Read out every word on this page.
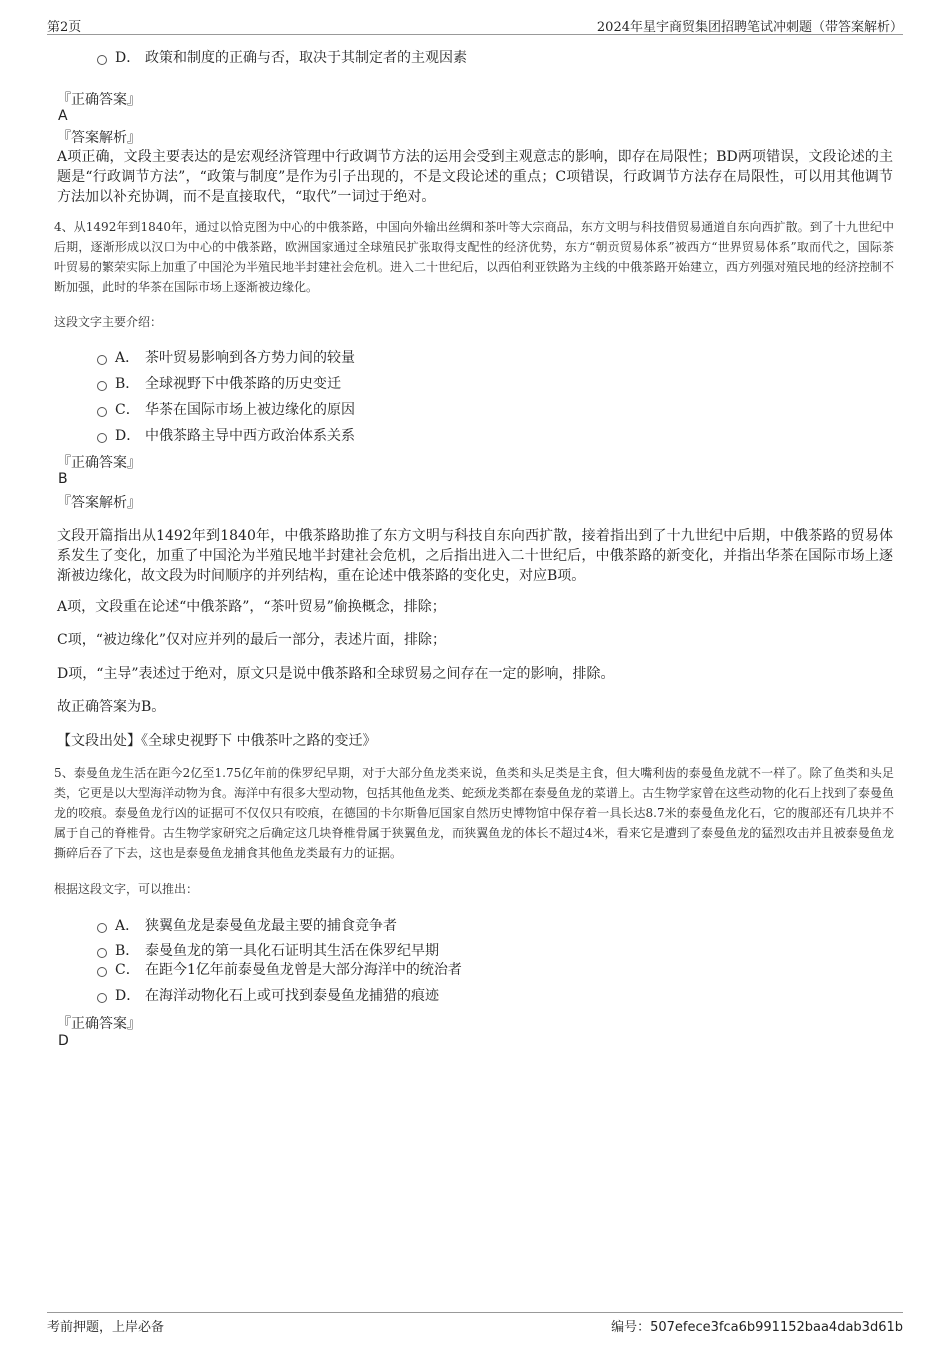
第2页	2024年星宇商贸集团招聘笔试冲刺题（带答案解析）
D． 政策和制度的正确与否，取决于其制定者的主观因素
『正确答案』
A
『答案解析』
A项正确，文段主要表达的是宏观经济管理中行政调节方法的运用会受到主观意志的影响，即存在局限性；BD两项错误，文段论述的主题是“行政调节方法”，“政策与制度”是作为引子出现的，不是文段论述的重点；C项错误，行政调节方法存在局限性，可以用其他调节方法加以补充协调，而不是直接取代，“取代”一词过于绝对。
4、从1492年到1840年，通过以恰克图为中心的中俄茶路，中国向外输出丝绸和茶叶等大宗商品，东方文明与科技借贸易通道自东向西扩散。到了十九世纪中后期，逐渐形成以汉口为中心的中俄茶路，欧洲国家通过全球殖民扩张取得支配性的经济优势，东方“朝贡贸易体系”被西方“世界贸易体系”取而代之，国际茶叶贸易的繁荣实际上加重了中国沦为半殖民地半封建社会危机。进入二十世纪后，以西伯利亚铁路为主线的中俄茶路开始建立，西方列强对殖民地的经济控制不断加强，此时的华茶在国际市场上逐渐被边缘化。
这段文字主要介绍：
A． 茶叶贸易影响到各方势力间的较量
B． 全球视野下中俄茶路的历史变迁
C． 华茶在国际市场上被边缘化的原因
D． 中俄茶路主导中西方政治体系关系
『正确答案』
B
『答案解析』
文段开篇指出从1492年到1840年，中俄茶路助推了东方文明与科技自东向西扩散，接着指出到了十九世纪中后期，中俄茶路的贸易体系发生了变化，加重了中国沦为半殖民地半封建社会危机，之后指出进入二十世纪后，中俄茶路的新变化，并指出华茶在国际市场上逐渐被边缘化，故文段为时间顺序的并列结构，重在论述中俄茶路的变化史，对应B项。
A项，文段重在论述“中俄茶路”，“茶叶贸易”偷换概念，排除；
C项，“被边缘化”仅对应并列的最后一部分，表述片面，排除；
D项，“主导”表述过于绝对，原文只是说中俄茶路和全球贸易之间存在一定的影响，排除。
故正确答案为B。
【文段出处】《全球史视野下 中俄茶叶之路的变迁》
5、泰曼鱼龙生活在距今2亿至1.75亿年前的侏罗纪早期，对于大部分鱼龙类来说，鱼类和头足类是主食，但大嘴利齿的泰曼鱼龙就不一样了。除了鱼类和头足类，它更是以大型海洋动物为食。海洋中有很多大型动物，包括其他鱼龙类、蛇颈龙类都在泰曼鱼龙的菜谱上。古生物学家曾在这些动物的化石上找到了泰曼鱼龙的咬痕。泰曼鱼龙行凶的证据可不仅仅只有咬痕，在德国的卡尔斯鲁厄国家自然历史博物馆中保存着一具长达8.7米的泰曼鱼龙化石，它的腹部还有几块并不属于自己的脊椎骨。古生物学家研究之后确定这几块脊椎骨属于狭翼鱼龙，而狭翼鱼龙的体长不超过4米，看来它是遭到了泰曼鱼龙的猛烈攻击并且被泰曼鱼龙撕碎后吞了下去，这也是泰曼鱼龙捕食其他鱼龙类最有力的证据。
根据这段文字，可以推出：
A． 狭翼鱼龙是泰曼鱼龙最主要的捕食竞争者
B． 泰曼鱼龙的第一具化石证明其生活在侏罗纪早期
C． 在距今1亿年前泰曼鱼龙曾是大部分海洋中的统治者
D． 在海洋动物化石上或可找到泰曼鱼龙捕猎的痕迹
『正确答案』
D
考前押题，上岸必备	编号：507efece3fca6b991152baa4dab3d61b
